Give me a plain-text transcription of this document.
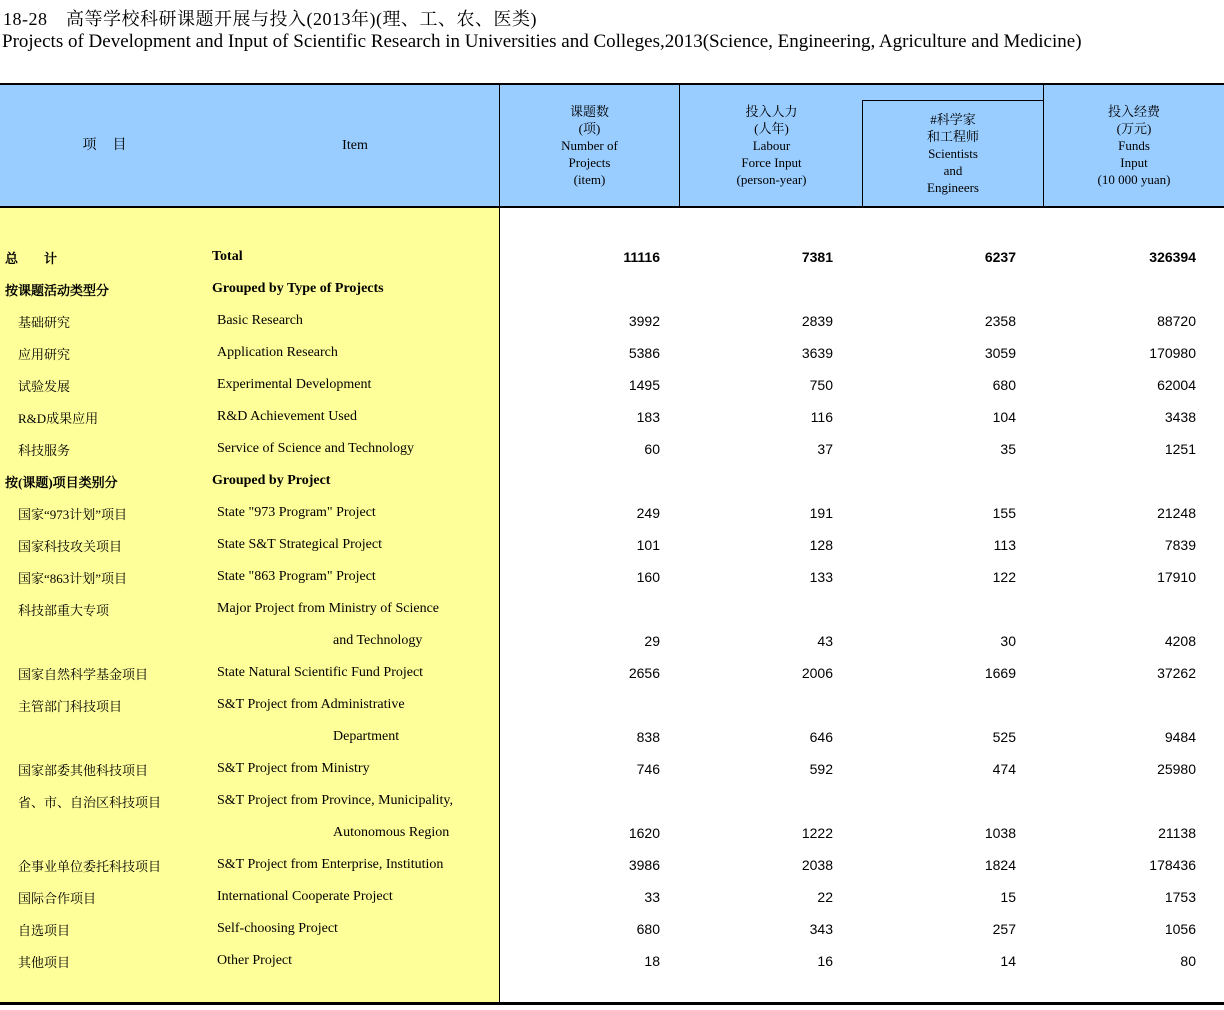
18-28　高等学校科研课题开展与投入(2013年)(理、工、农、医类)
Projects of Development and Input of Scientific Research in Universities and Colleges,2013(Science, Engineering, Agriculture and Medicine)
项　目	Item
课题数
(项)
Number of
Projects
(item)
投入人力
(人年)
Labour
Force Input
(person-year)
#科学家
和工程师
Scientists
and
Engineers
投入经费
(万元)
Funds
Input
(10 000 yuan)
总　　计	Total	11116	7381	6237	326394
按课题活动类型分	Grouped by Type of Projects
基础研究	Basic Research	3992	2839	2358	88720
应用研究	Application Research	5386	3639	3059	170980
试验发展	Experimental Development	1495	750	680	62004
R&D成果应用	R&D Achievement Used	183	116	104	3438
科技服务	Service of Science and Technology	60	37	35	1251
按(课题)项目类别分	Grouped by Project
国家“973计划”项目	State "973 Program" Project	249	191	155	21248
国家科技攻关项目	State S&T Strategical Project	101	128	113	7839
国家“863计划”项目	State "863 Program" Project	160	133	122	17910
科技部重大专项	Major Project from Ministry of Science
and Technology	29	43	30	4208
国家自然科学基金项目	State Natural Scientific Fund Project	2656	2006	1669	37262
主管部门科技项目	S&T Project from Administrative
Department	838	646	525	9484
国家部委其他科技项目	S&T Project from Ministry	746	592	474	25980
省、市、自治区科技项目	S&T Project from Province, Municipality,
Autonomous Region	1620	1222	1038	21138
企事业单位委托科技项目	S&T Project from Enterprise, Institution	3986	2038	1824	178436
国际合作项目	International Cooperate Project	33	22	15	1753
自选项目	Self-choosing Project	680	343	257	1056
其他项目	Other Project	18	16	14	80
